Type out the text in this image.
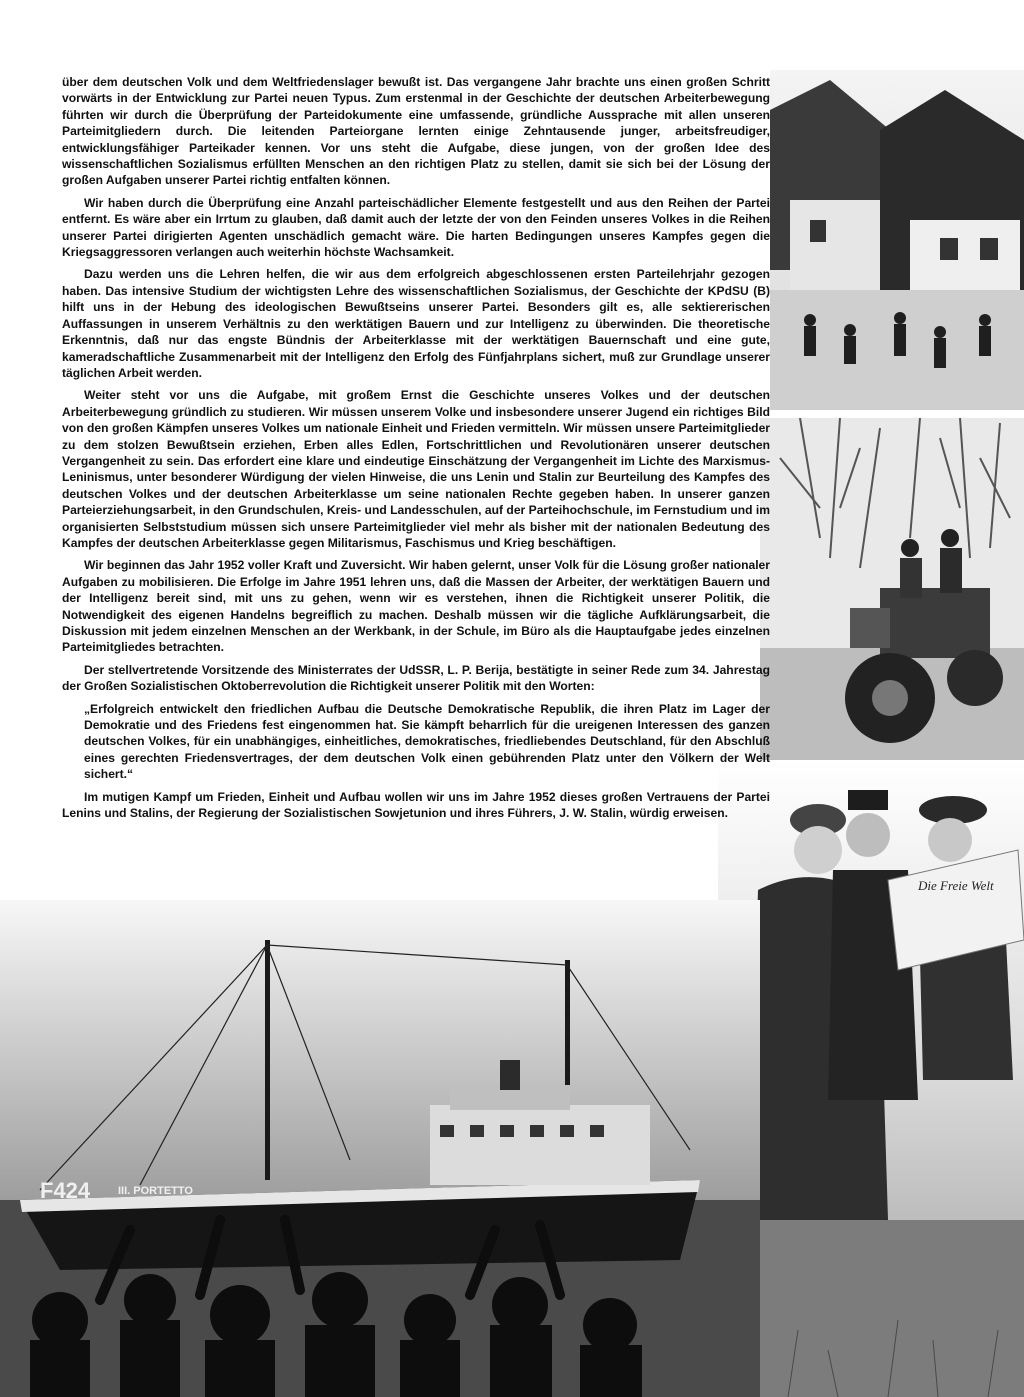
Die Freie Welt
F424	III. PORTETTO

über dem deutschen Volk und dem Weltfriedenslager bewußt ist. Das vergangene Jahr brachte uns einen großen Schritt vorwärts in der Entwicklung zur Partei neuen Typus. Zum erstenmal in der Geschichte der deutschen Arbeiterbewegung führten wir durch die Überprüfung der Parteidokumente eine umfassende, gründliche Aussprache mit allen unseren Parteimitgliedern durch. Die leitenden Parteiorgane lernten einige Zehntausende junger, arbeitsfreudiger, entwicklungsfähiger Parteikader kennen. Vor uns steht die Aufgabe, diese jungen, von der großen Idee des wissenschaftlichen Sozialismus erfüllten Menschen an den richtigen Platz zu stellen, damit sie sich bei der Lösung der großen Aufgaben unserer Partei richtig entfalten können.

Wir haben durch die Überprüfung eine Anzahl parteischädlicher Elemente festgestellt und aus den Reihen der Partei entfernt. Es wäre aber ein Irrtum zu glauben, daß damit auch der letzte der von den Feinden unseres Volkes in die Reihen unserer Partei dirigierten Agenten unschädlich gemacht wäre. Die harten Bedingungen unseres Kampfes gegen die Kriegsaggressoren verlangen auch weiterhin höchste Wachsamkeit.

Dazu werden uns die Lehren helfen, die wir aus dem erfolgreich abgeschlossenen ersten Parteilehrjahr gezogen haben. Das intensive Studium der wichtigsten Lehre des wissenschaftlichen Sozialismus, der Geschichte der KPdSU (B) hilft uns in der Hebung des ideologischen Bewußtseins unserer Partei. Besonders gilt es, alle sektiererischen Auffassungen in unserem Verhältnis zu den werktätigen Bauern und zur Intelligenz zu überwinden. Die theoretische Erkenntnis, daß nur das engste Bündnis der Arbeiterklasse mit der werktätigen Bauernschaft und eine gute, kameradschaftliche Zusammenarbeit mit der Intelligenz den Erfolg des Fünfjahrplans sichert, muß zur Grundlage unserer täglichen Arbeit werden.

Weiter steht vor uns die Aufgabe, mit großem Ernst die Geschichte unseres Volkes und der deutschen Arbeiterbewegung gründlich zu studieren. Wir müssen unserem Volke und insbesondere unserer Jugend ein richtiges Bild von den großen Kämpfen unseres Volkes um nationale Einheit und Frieden vermitteln. Wir müssen unsere Parteimitglieder zu dem stolzen Bewußtsein erziehen, Erben alles Edlen, Fortschrittlichen und Revolutionären unserer deutschen Vergangenheit zu sein. Das erfordert eine klare und eindeutige Einschätzung der Vergangenheit im Lichte des Marxismus-Leninismus, unter besonderer Würdigung der vielen Hinweise, die uns Lenin und Stalin zur Beurteilung des Kampfes des deutschen Volkes und der deutschen Arbeiterklasse um seine nationalen Rechte gegeben haben. In unserer ganzen Parteierziehungsarbeit, in den Grundschulen, Kreis- und Landesschulen, auf der Parteihochschule, im Fernstudium und im organisierten Selbststudium müssen sich unsere Parteimitglieder viel mehr als bisher mit der nationalen Bedeutung des Kampfes der deutschen Arbeiterklasse gegen Militarismus, Faschismus und Krieg beschäftigen.

Wir beginnen das Jahr 1952 voller Kraft und Zuversicht. Wir haben gelernt, unser Volk für die Lösung großer nationaler Aufgaben zu mobilisieren. Die Erfolge im Jahre 1951 lehren uns, daß die Massen der Arbeiter, der werktätigen Bauern und der Intelligenz bereit sind, mit uns zu gehen, wenn wir es verstehen, ihnen die Richtigkeit unserer Politik, die Notwendigkeit des eigenen Handelns begreiflich zu machen. Deshalb müssen wir die tägliche Aufklärungsarbeit, die Diskussion mit jedem einzelnen Menschen an der Werkbank, in der Schule, im Büro als die Hauptaufgabe jedes einzelnen Parteimitgliedes betrachten.

Der stellvertretende Vorsitzende des Ministerrates der UdSSR, L. P. Berija, bestätigte in seiner Rede zum 34. Jahrestag der Großen Sozialistischen Oktoberrevolution die Richtigkeit unserer Politik mit den Worten:

„Erfolgreich entwickelt den friedlichen Aufbau die Deutsche Demokratische Republik, die ihren Platz im Lager der Demokratie und des Friedens fest eingenommen hat. Sie kämpft beharrlich für die ureigenen Interessen des ganzen deutschen Volkes, für ein unabhängiges, einheitliches, demokratisches, friedliebendes Deutschland, für den Abschluß eines gerechten Friedensvertrages, der dem deutschen Volk einen gebührenden Platz unter den Völkern der Welt sichert.“

Im mutigen Kampf um Frieden, Einheit und Aufbau wollen wir uns im Jahre 1952 dieses großen Vertrauens der Partei Lenins und Stalins, der Regierung der Sozialistischen Sowjetunion und ihres Führers, J. W. Stalin, würdig erweisen.
